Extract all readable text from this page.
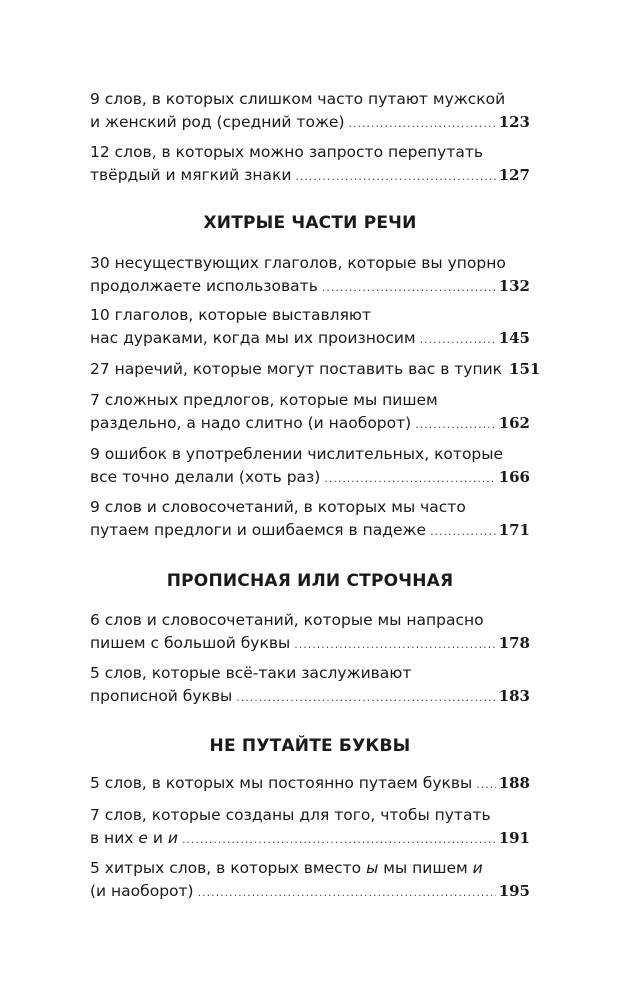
9 слов, в которых слишком часто путают мужской
и женский род (средний тоже) .....	123
12 слов, в которых можно запросто перепутать
твёрдый и мягкий знаки .....	127
ХИТРЫЕ ЧАСТИ РЕЧИ
30 несуществующих глаголов, которые вы упорно
продолжаете использовать .....	132
10 глаголов, которые выставляют
нас дураками, когда мы их произносим .....	145
27 наречий, которые могут поставить вас в тупик 151
7 сложных предлогов, которые мы пишем
раздельно, а надо слитно (и наоборот) .....	162
9 ошибок в употреблении числительных, которые
все точно делали (хоть раз) .....	166
9 слов и словосочетаний, в которых мы часто
путаем предлоги и ошибаемся в падеже .....	171
ПРОПИСНАЯ ИЛИ СТРОЧНАЯ
6 слов и словосочетаний, которые мы напрасно
пишем с большой буквы .....	178
5 слов, которые всё-таки заслуживают
прописной буквы .....	183
НЕ ПУТАЙТЕ БУКВЫ
5 слов, в которых мы постоянно путаем буквы ..... 188
7 слов, которые созданы для того, чтобы путать
в них е и и .....	191
5 хитрых слов, в которых вместо ы мы пишем и
(и наоборот) .....	195
